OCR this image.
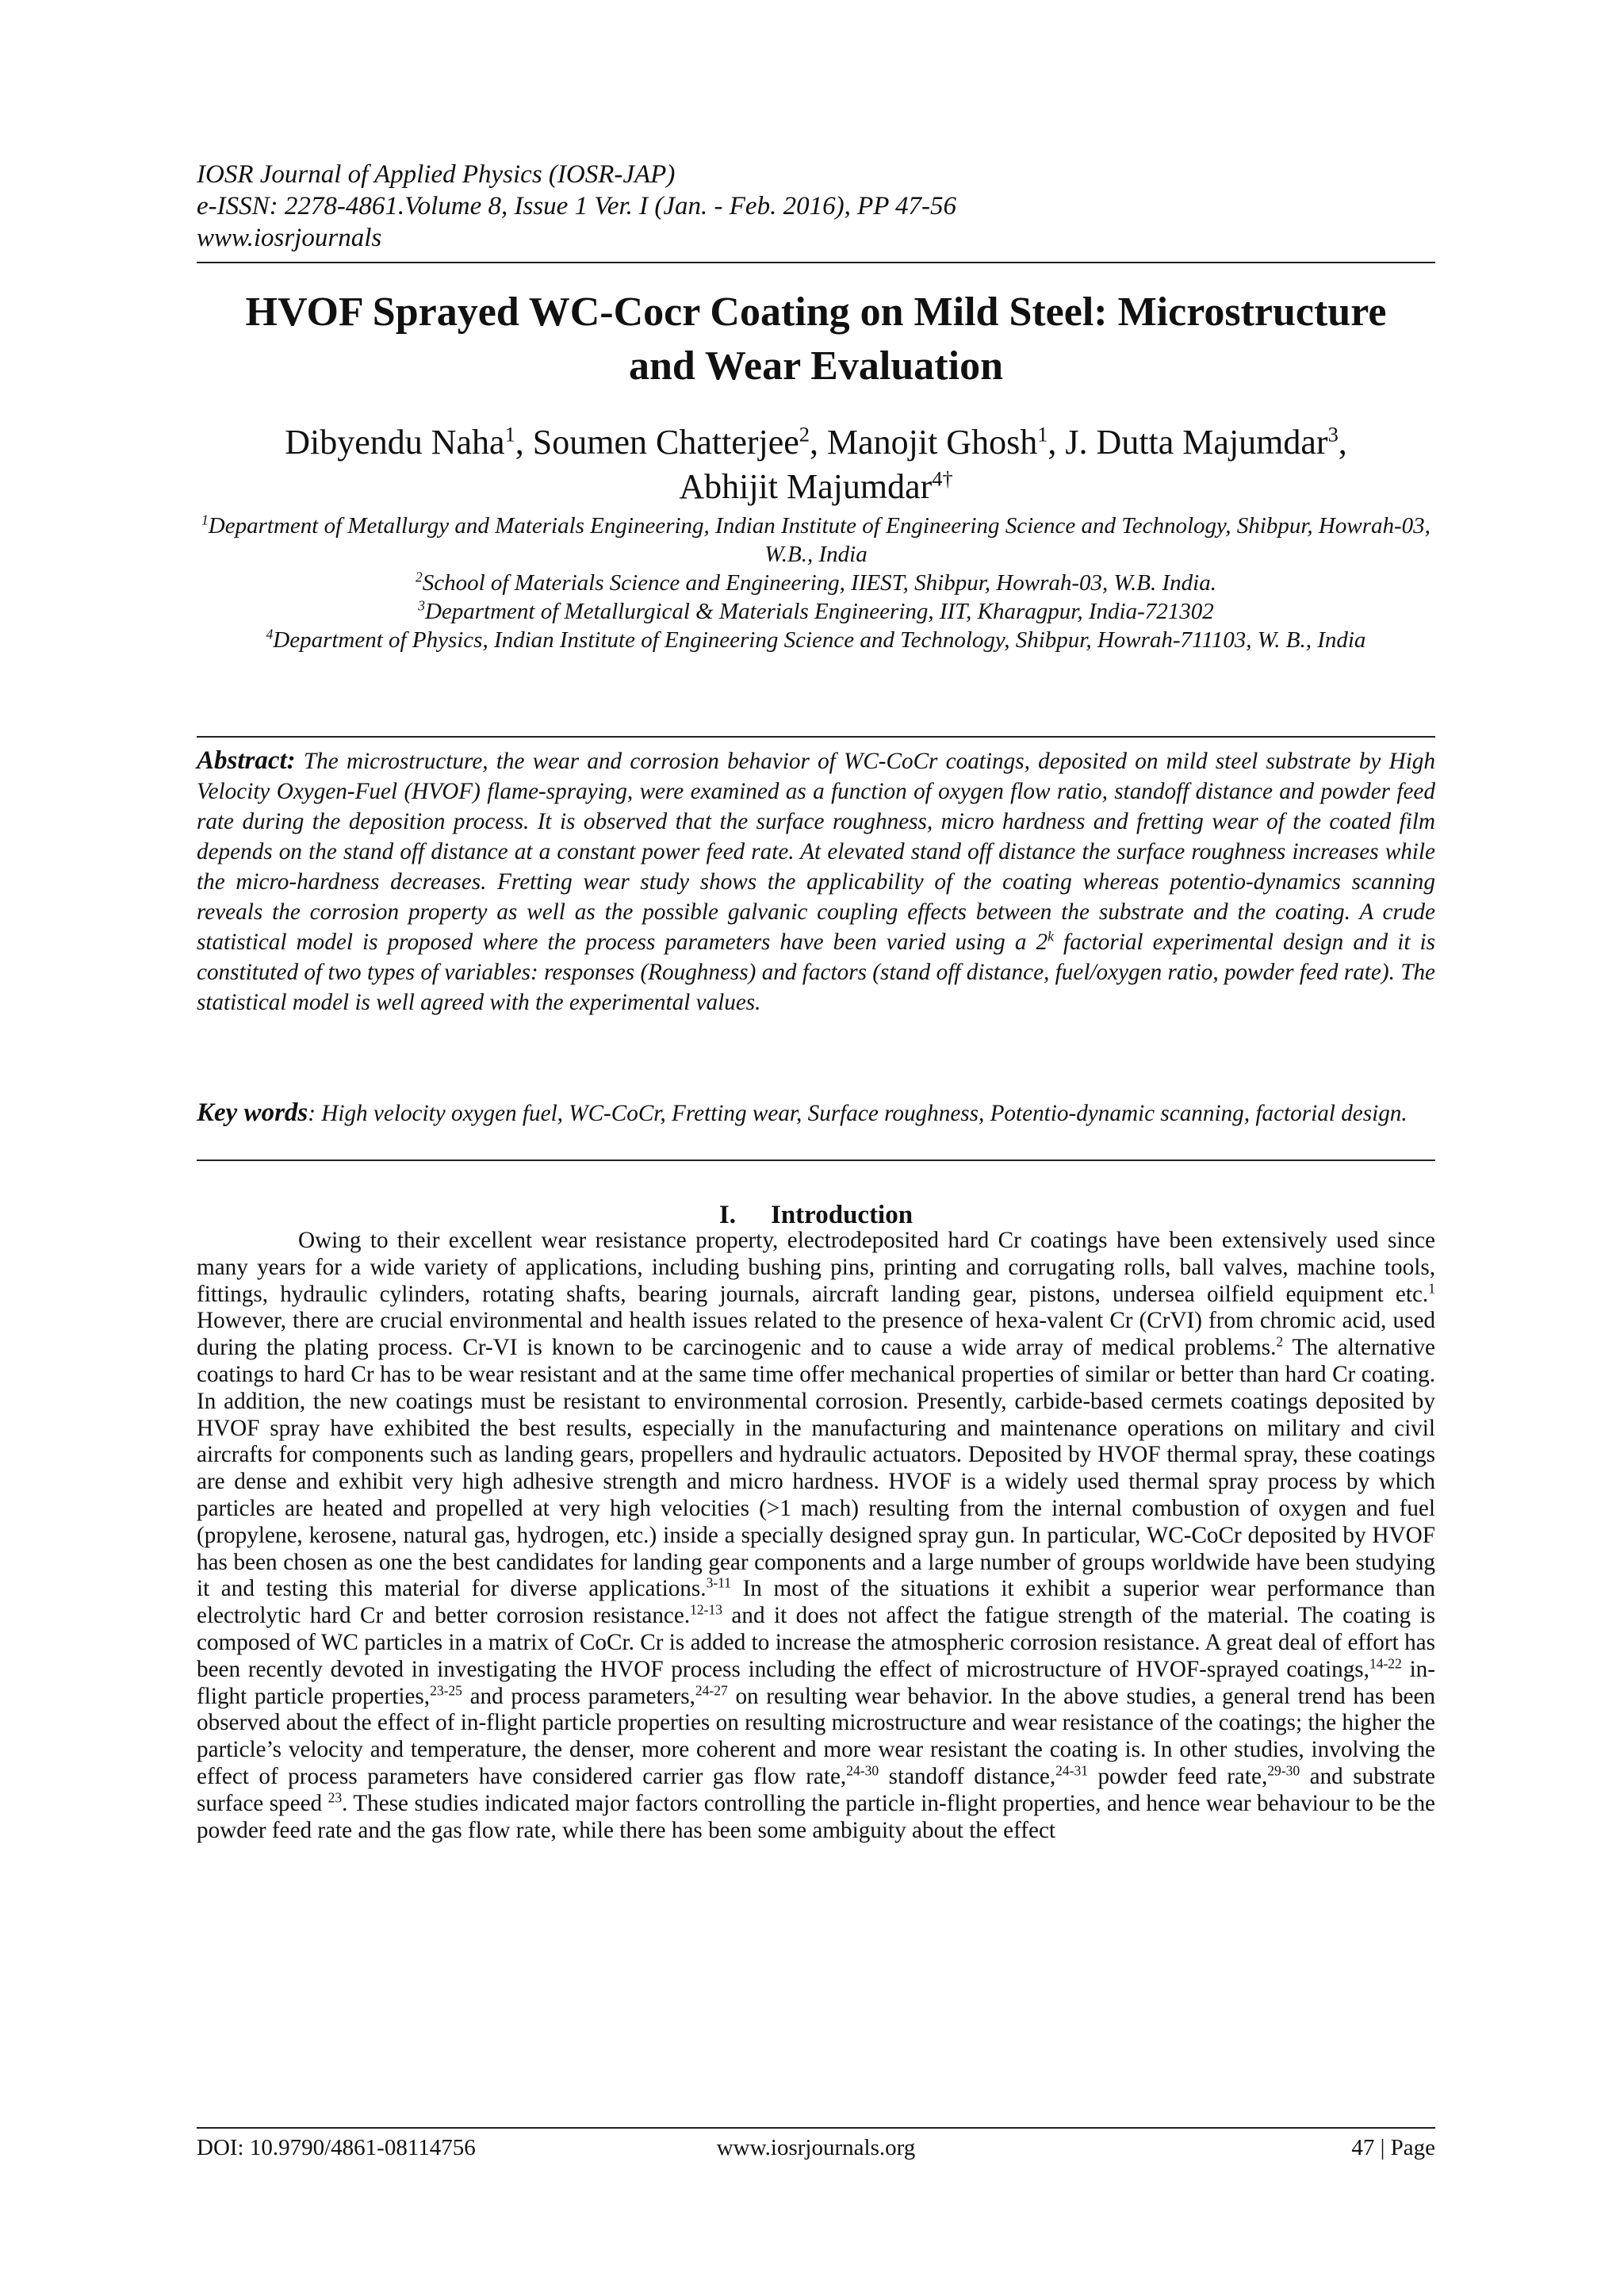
IOSR Journal of Applied Physics (IOSR-JAP)
e-ISSN: 2278-4861.Volume 8, Issue 1 Ver. I (Jan. - Feb. 2016), PP 47-56
www.iosrjournals
HVOF Sprayed WC-Cocr Coating on Mild Steel: Microstructure
and Wear Evaluation
Dibyendu Naha$^1$, Soumen Chatterjee$^2$, Manojit Ghosh$^1$, J. Dutta Majumdar$^3$,
Abhijit Majumdar$^{4\dagger}$
$^1$Department of Metallurgy and Materials Engineering, Indian Institute of Engineering Science and Technology, Shibpur, Howrah-03, W.B., India
$^2$School of Materials Science and Engineering, IIEST, Shibpur, Howrah-03, W.B. India.
$^3$Department of Metallurgical & Materials Engineering, IIT, Kharagpur, India-721302
$^4$Department of Physics, Indian Institute of Engineering Science and Technology, Shibpur, Howrah-711103, W. B., India
Abstract: The microstructure, the wear and corrosion behavior of WC-CoCr coatings, deposited on mild steel substrate by High Velocity Oxygen-Fuel (HVOF) flame-spraying, were examined as a function of oxygen flow ratio, standoff distance and powder feed rate during the deposition process. It is observed that the surface roughness, micro hardness and fretting wear of the coated film depends on the stand off distance at a constant power feed rate. At elevated stand off distance the surface roughness increases while the micro-hardness decreases. Fretting wear study shows the applicability of the coating whereas potentio-dynamics scanning reveals the corrosion property as well as the possible galvanic coupling effects between the substrate and the coating. A crude statistical model is proposed where the process parameters have been varied using a 2$^k$ factorial experimental design and it is constituted of two types of variables: responses (Roughness) and factors (stand off distance, fuel/oxygen ratio, powder feed rate). The statistical model is well agreed with the experimental values.
Key words: High velocity oxygen fuel, WC-CoCr, Fretting wear, Surface roughness, Potentio-dynamic scanning, factorial design.
I. Introduction
Owing to their excellent wear resistance property, electrodeposited hard Cr coatings have been extensively used since many years for a wide variety of applications, including bushing pins, printing and corrugating rolls, ball valves, machine tools, fittings, hydraulic cylinders, rotating shafts, bearing journals, aircraft landing gear, pistons, undersea oilfield equipment etc.$^1$ However, there are crucial environmental and health issues related to the presence of hexa-valent Cr (CrVI) from chromic acid, used during the plating process. Cr-VI is known to be carcinogenic and to cause a wide array of medical problems.$^2$ The alternative coatings to hard Cr has to be wear resistant and at the same time offer mechanical properties of similar or better than hard Cr coating. In addition, the new coatings must be resistant to environmental corrosion. Presently, carbide-based cermets coatings deposited by HVOF spray have exhibited the best results, especially in the manufacturing and maintenance operations on military and civil aircrafts for components such as landing gears, propellers and hydraulic actuators. Deposited by HVOF thermal spray, these coatings are dense and exhibit very high adhesive strength and micro hardness. HVOF is a widely used thermal spray process by which particles are heated and propelled at very high velocities (>1 mach) resulting from the internal combustion of oxygen and fuel (propylene, kerosene, natural gas, hydrogen, etc.) inside a specially designed spray gun. In particular, WC-CoCr deposited by HVOF has been chosen as one the best candidates for landing gear components and a large number of groups worldwide have been studying it and testing this material for diverse applications.$^{3-11}$ In most of the situations it exhibit a superior wear performance than electrolytic hard Cr and better corrosion resistance.$^{12-13}$ and it does not affect the fatigue strength of the material. The coating is composed of WC particles in a matrix of CoCr. Cr is added to increase the atmospheric corrosion resistance. A great deal of effort has been recently devoted in investigating the HVOF process including the effect of microstructure of HVOF-sprayed coatings,$^{14-22}$ in-flight particle properties,$^{23-25}$ and process parameters,$^{24-27}$ on resulting wear behavior. In the above studies, a general trend has been observed about the effect of in-flight particle properties on resulting microstructure and wear resistance of the coatings; the higher the particle’s velocity and temperature, the denser, more coherent and more wear resistant the coating is. In other studies, involving the effect of process parameters have considered carrier gas flow rate,$^{24-30}$ standoff distance,$^{24-31}$ powder feed rate,$^{29-30}$ and substrate surface speed $^{23}$. These studies indicated major factors controlling the particle in-flight properties, and hence wear behaviour to be the powder feed rate and the gas flow rate, while there has been some ambiguity about the effect
DOI: 10.9790/4861-08114756	www.iosrjournals.org	47 | Page
